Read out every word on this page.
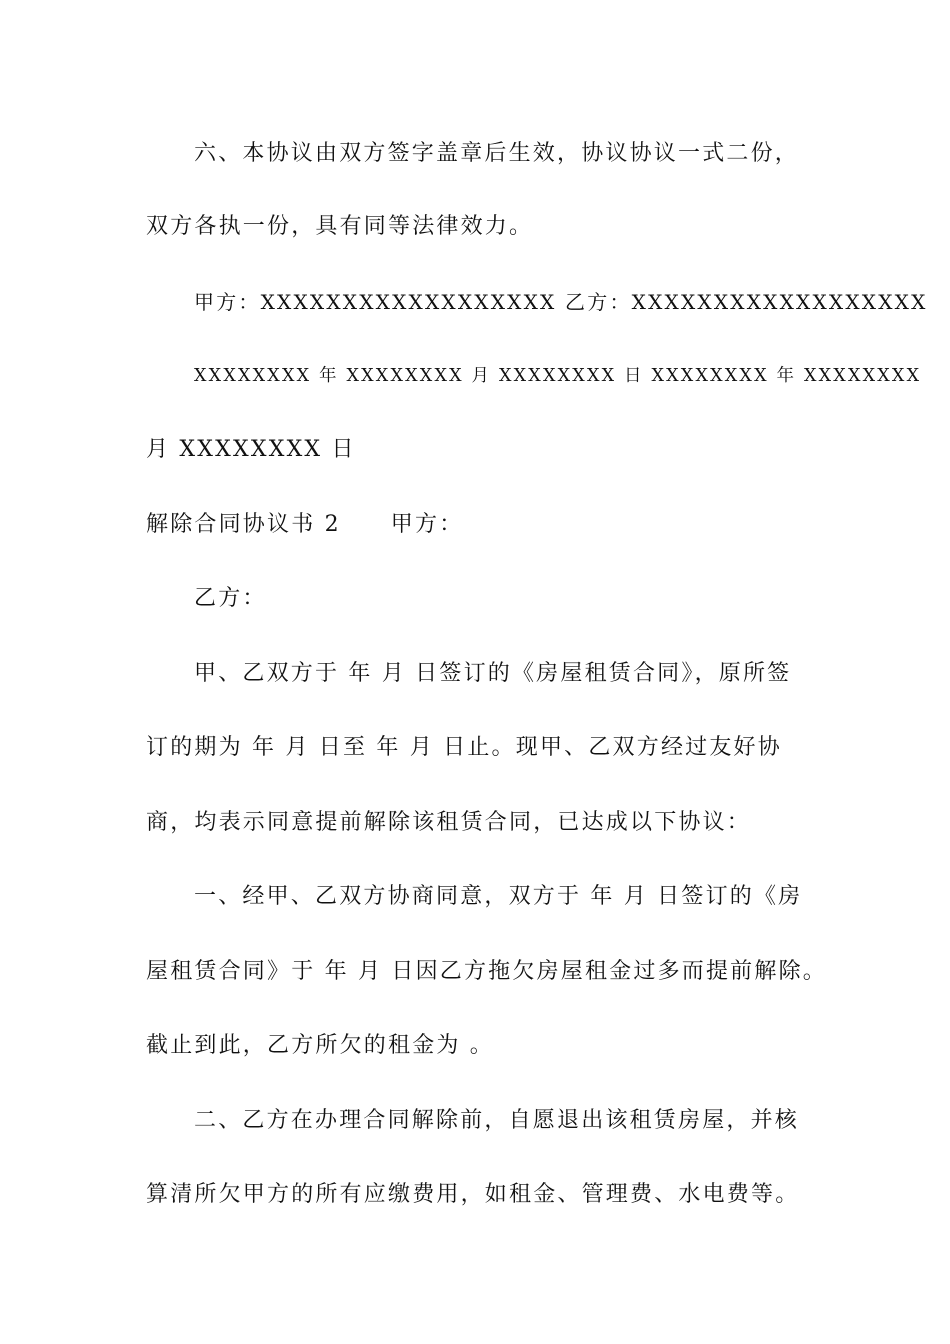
六、本协议由双方签字盖章后生效，协议协议一式二份，
双方各执一份，具有同等法律效力。
甲方：XXXXXXXXXXXXXXXXXX 乙方：XXXXXXXXXXXXXXXXXX
XXXXXXXX 年 XXXXXXXX 月 XXXXXXXX 日 XXXXXXXX 年 XXXXXXXX
月 XXXXXXXX 日
解除合同协议书 2 甲方：
乙方：
甲、乙双方于 年 月 日签订的《房屋租赁合同》，原所签
订的期为 年 月 日至 年 月 日止。现甲、乙双方经过友好协
商，均表示同意提前解除该租赁合同，已达成以下协议：
一、经甲、乙双方协商同意，双方于 年 月 日签订的《房
屋租赁合同》于 年 月 日因乙方拖欠房屋租金过多而提前解除。
截止到此，乙方所欠的租金为 。
二、乙方在办理合同解除前，自愿退出该租赁房屋，并核
算清所欠甲方的所有应缴费用，如租金、管理费、水电费等。
